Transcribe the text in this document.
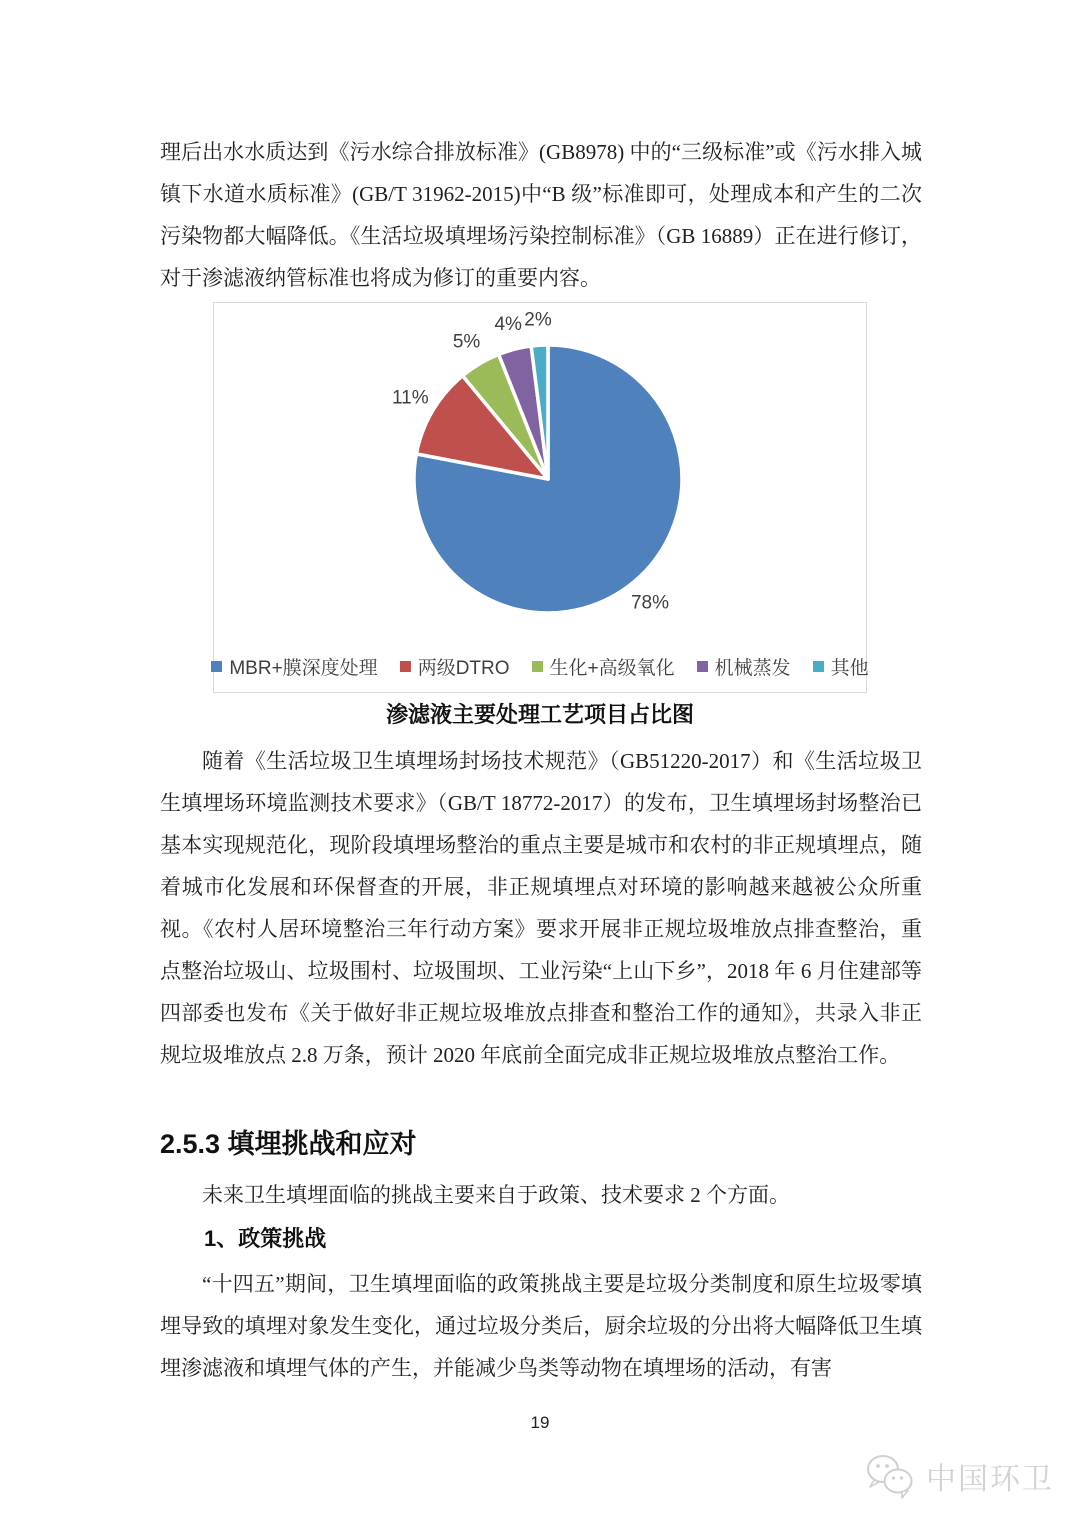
理后出水水质达到《污水综合排放标准》(GB8978) 中的“三级标准”或《污水排入城镇下水道水质标准》(GB/T 31962-2015)中“B 级”标准即可，处理成本和产生的二次污染物都大幅降低。《生活垃圾填埋场污染控制标准》（GB 16889）正在进行修订，对于渗滤液纳管标准也将成为修订的重要内容。

78%
11%
5%
4% 2%
MBR+膜深度处理 两级DTRO 生化+高级氧化 机械蒸发 其他
渗滤液主要处理工艺项目占比图

随着《生活垃圾卫生填埋场封场技术规范》（GB51220-2017）和《生活垃圾卫生填埋场环境监测技术要求》（GB/T 18772-2017）的发布，卫生填埋场封场整治已基本实现规范化，现阶段填埋场整治的重点主要是城市和农村的非正规填埋点，随着城市化发展和环保督查的开展，非正规填埋点对环境的影响越来越被公众所重视。《农村人居环境整治三年行动方案》要求开展非正规垃圾堆放点排查整治，重点整治垃圾山、垃圾围村、垃圾围坝、工业污染“上山下乡”，2018 年 6 月住建部等四部委也发布《关于做好非正规垃圾堆放点排查和整治工作的通知》，共录入非正规垃圾堆放点 2.8 万条，预计 2020 年底前全面完成非正规垃圾堆放点整治工作。

2.5.3 填埋挑战和应对

未来卫生填埋面临的挑战主要来自于政策、技术要求 2 个方面。

1、政策挑战

“十四五”期间，卫生填埋面临的政策挑战主要是垃圾分类制度和原生垃圾零填埋导致的填埋对象发生变化，通过垃圾分类后，厨余垃圾的分出将大幅降低卫生填埋渗滤液和填埋气体的产生，并能减少鸟类等动物在填埋场的活动，有害

19
中国环卫
